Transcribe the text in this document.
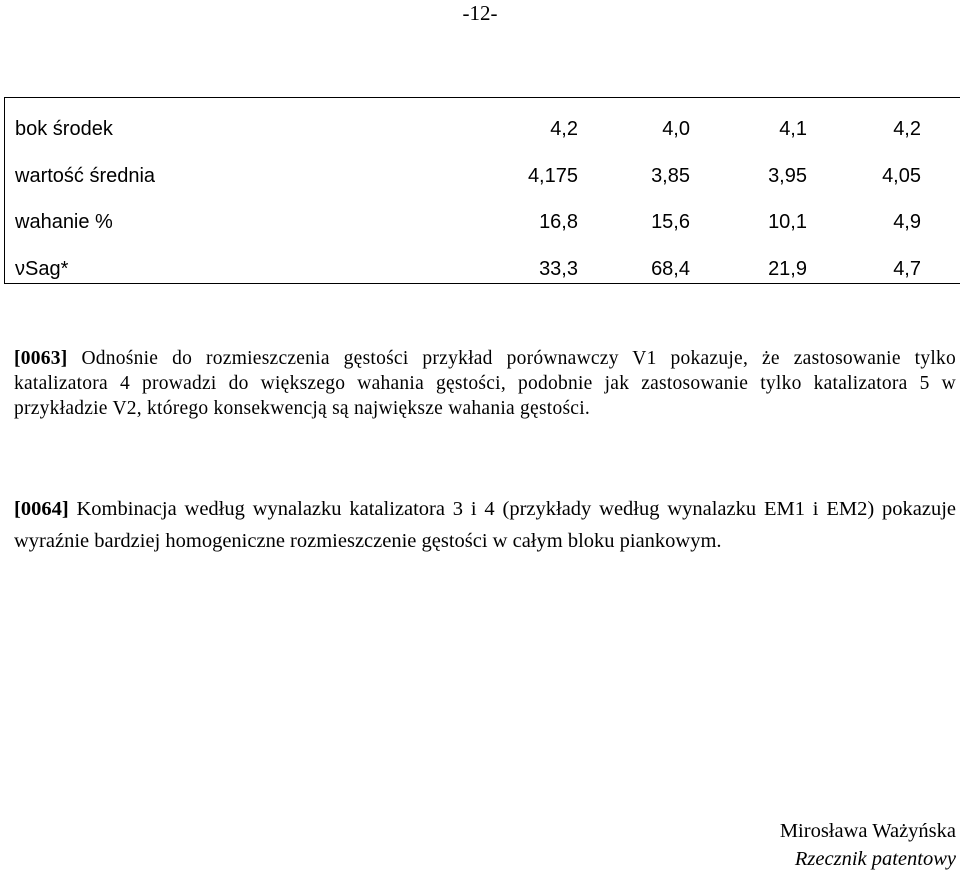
-12-
bok środek	4,2	4,0	4,1	4,2
wartość średnia	4,175	3,85	3,95	4,05
wahanie %	16,8	15,6	10,1	4,9
νSag*	33,3	68,4	21,9	4,7

[0063] Odnośnie do rozmieszczenia gęstości przykład porównawczy V1 pokazuje, że zastosowanie tylko katalizatora 4 prowadzi do większego wahania gęstości, podobnie jak zastosowanie tylko katalizatora 5 w przykładzie V2, którego konsekwencją są największe wahania gęstości.

[0064] Kombinacja według wynalazku katalizatora 3 i 4 (przykłady według wynalazku EM1 i EM2) pokazuje wyraźnie bardziej homogeniczne rozmieszczenie gęstości w całym bloku piankowym.

Mirosława Ważyńska
Rzecznik patentowy
